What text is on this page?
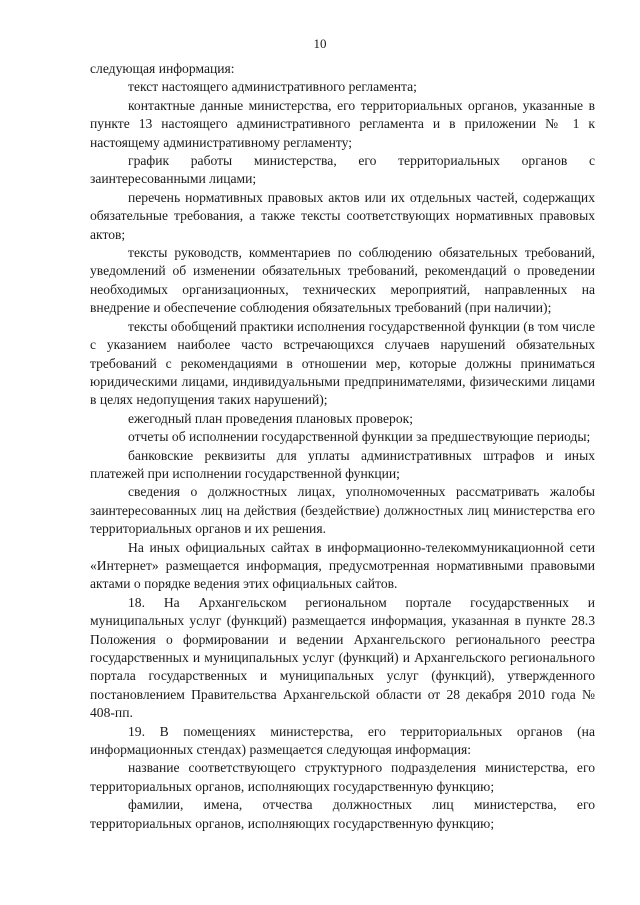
10

следующая информация:

текст настоящего административного регламента;

контактные данные министерства, его территориальных органов, указанные в пункте 13 настоящего административного регламента и в приложении № 1 к настоящему административному регламенту;

график работы министерства, его территориальных органов с заинтересованными лицами;

перечень нормативных правовых актов или их отдельных частей, содержащих обязательные требования, а также тексты соответствующих нормативных правовых актов;

тексты руководств, комментариев по соблюдению обязательных требований, уведомлений об изменении обязательных требований, рекомендаций о проведении необходимых организационных, технических мероприятий, направленных на внедрение и обеспечение соблюдения обязательных требований (при наличии);

тексты обобщений практики исполнения государственной функции (в том числе с указанием наиболее часто встречающихся случаев нарушений обязательных требований с рекомендациями в отношении мер, которые должны приниматься юридическими лицами, индивидуальными предпринимателями, физическими лицами в целях недопущения таких нарушений);

ежегодный план проведения плановых проверок;

отчеты об исполнении государственной функции за предшествующие периоды;

банковские реквизиты для уплаты административных штрафов и иных платежей при исполнении государственной функции;

сведения о должностных лицах, уполномоченных рассматривать жалобы заинтересованных лиц на действия (бездействие) должностных лиц министерства его территориальных органов и их решения.

На иных официальных сайтах в информационно-телекоммуникационной сети «Интернет» размещается информация, предусмотренная нормативными правовыми актами о порядке ведения этих официальных сайтов.

18. На Архангельском региональном портале государственных и муниципальных услуг (функций) размещается информация, указанная в пункте 28.3 Положения о формировании и ведении Архангельского регионального реестра государственных и муниципальных услуг (функций) и Архангельского регионального портала государственных и муниципальных услуг (функций), утвержденного постановлением Правительства Архангельской области от 28 декабря 2010 года № 408-пп.

19. В помещениях министерства, его территориальных органов (на информационных стендах) размещается следующая информация:

название соответствующего структурного подразделения министерства, его территориальных органов, исполняющих государственную функцию;

фамилии, имена, отчества должностных лиц министерства, его территориальных органов, исполняющих государственную функцию;
